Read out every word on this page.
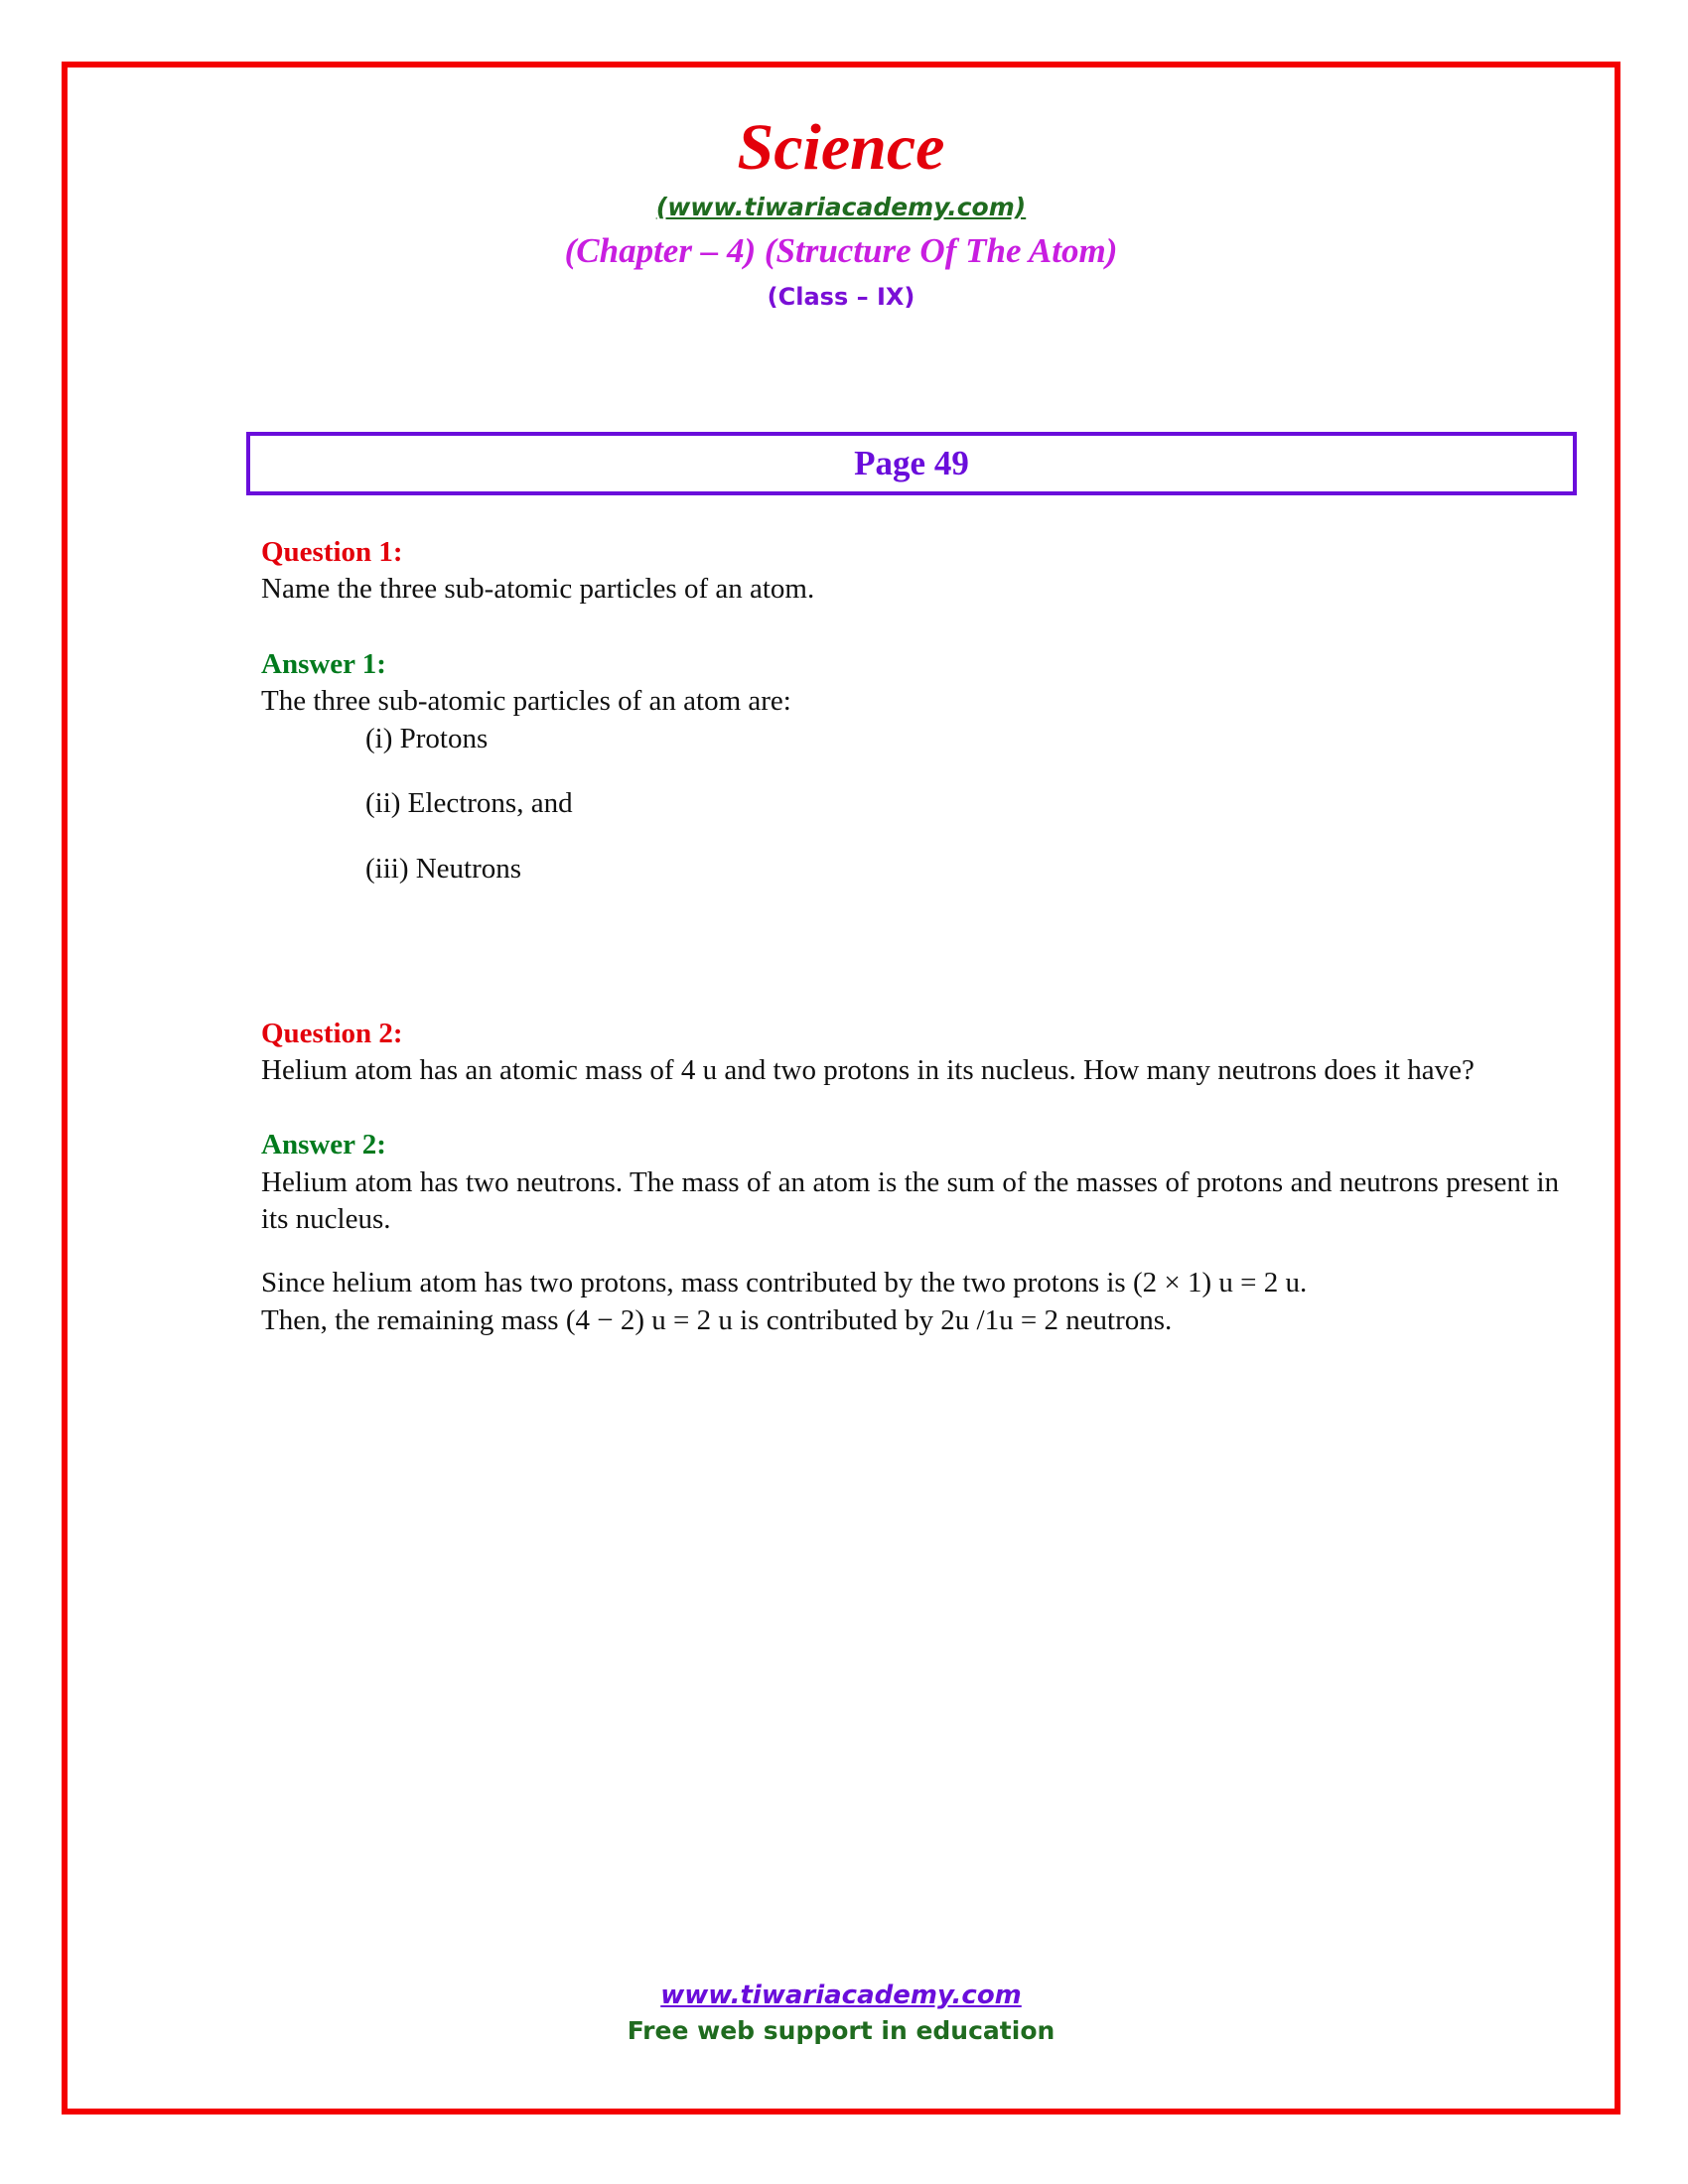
Science
(www.tiwariacademy.com)
(Chapter – 4) (Structure Of The Atom)
(Class – IX)
Page 49
Question 1:
Name the three sub-atomic particles of an atom.
Answer 1:
The three sub-atomic particles of an atom are:
(i) Protons
(ii) Electrons, and
(iii) Neutrons
Question 2:
Helium atom has an atomic mass of 4 u and two protons in its nucleus. How many neutrons does it have?
Answer 2:
Helium atom has two neutrons. The mass of an atom is the sum of the masses of protons and neutrons present in its nucleus.
Since helium atom has two protons, mass contributed by the two protons is (2 × 1) u = 2 u.
Then, the remaining mass (4 − 2) u = 2 u is contributed by 2u /1u = 2 neutrons.
www.tiwariacademy.com
Free web support in education
